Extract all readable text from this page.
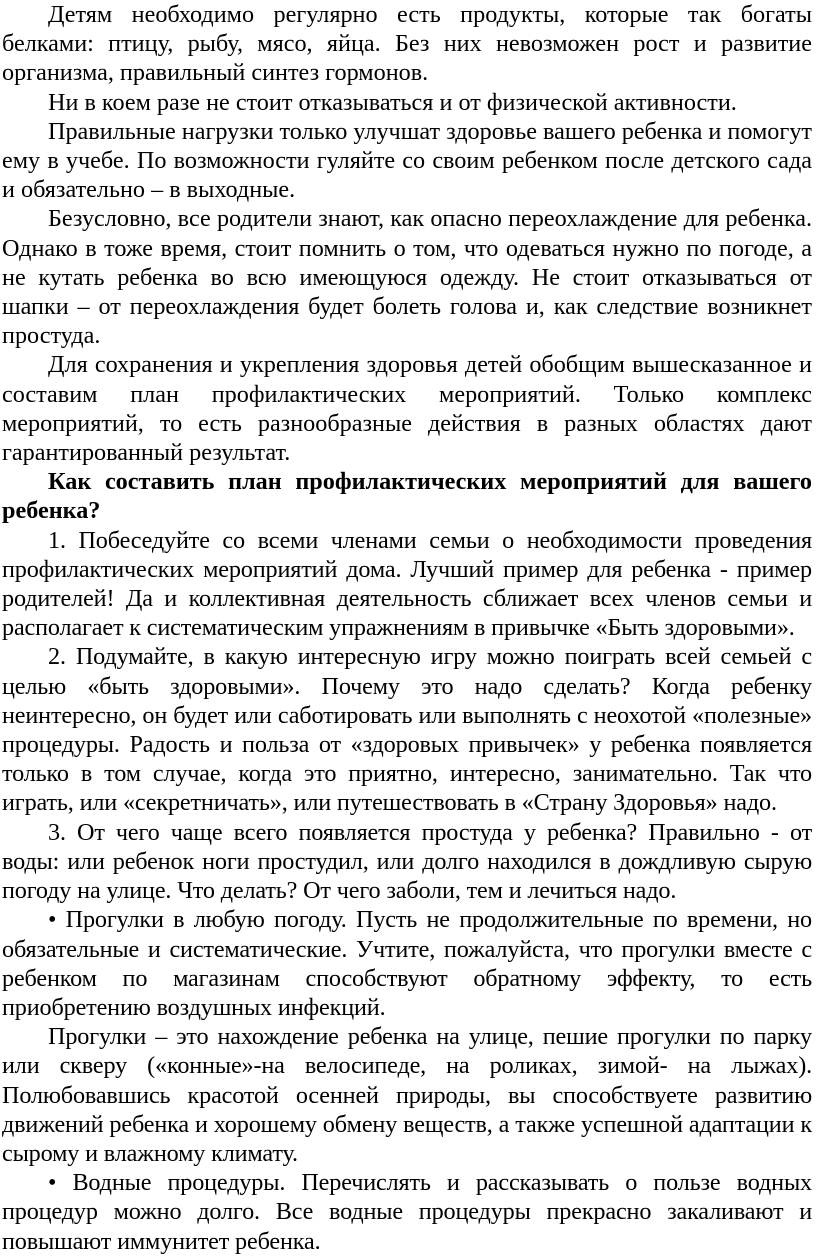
Детям необходимо регулярно есть продукты, которые так богаты белками: птицу, рыбу, мясо, яйца. Без них невозможен рост и развитие организма, правильный синтез гормонов.

Ни в коем разе не стоит отказываться и от физической активности.

Правильные нагрузки только улучшат здоровье вашего ребенка и помогут ему в учебе. По возможности гуляйте со своим ребенком после детского сада и обязательно – в выходные.

Безусловно, все родители знают, как опасно переохлаждение для ребенка. Однако в тоже время, стоит помнить о том, что одеваться нужно по погоде, а не кутать ребенка во всю имеющуюся одежду. Не стоит отказываться от шапки – от переохлаждения будет болеть голова и, как следствие возникнет простуда.

Для сохранения и укрепления здоровья детей обобщим вышесказанное и составим план профилактических мероприятий. Только комплекс мероприятий, то есть разнообразные действия в разных областях дают гарантированный результат.

Как составить план профилактических мероприятий для вашего ребенка?

1. Побеседуйте со всеми членами семьи о необходимости проведения профилактических мероприятий дома. Лучший пример для ребенка - пример родителей! Да и коллективная деятельность сближает всех членов семьи и располагает к систематическим упражнениям в привычке «Быть здоровыми».

2. Подумайте, в какую интересную игру можно поиграть всей семьей с целью «быть здоровыми». Почему это надо сделать? Когда ребенку неинтересно, он будет или саботировать или выполнять с неохотой «полезные» процедуры. Радость и польза от «здоровых привычек» у ребенка появляется только в том случае, когда это приятно, интересно, занимательно. Так что играть, или «секретничать», или путешествовать в «Страну Здоровья» надо.

3. От чего чаще всего появляется простуда у ребенка? Правильно - от воды: или ребенок ноги простудил, или долго находился в дождливую сырую погоду на улице. Что делать? От чего заболи, тем и лечиться надо.

• Прогулки в любую погоду. Пусть не продолжительные по времени, но обязательные и систематические. Учтите, пожалуйста, что прогулки вместе с ребенком по магазинам способствуют обратному эффекту, то есть приобретению воздушных инфекций.

Прогулки – это нахождение ребенка на улице, пешие прогулки по парку или скверу («конные»-на велосипеде, на роликах, зимой- на лыжах). Полюбовавшись красотой осенней природы, вы способствуете развитию движений ребенка и хорошему обмену веществ, а также успешной адаптации к сырому и влажному климату.

• Водные процедуры. Перечислять и рассказывать о пользе водных процедур можно долго. Все водные процедуры прекрасно закаливают и повышают иммунитет ребенка.
